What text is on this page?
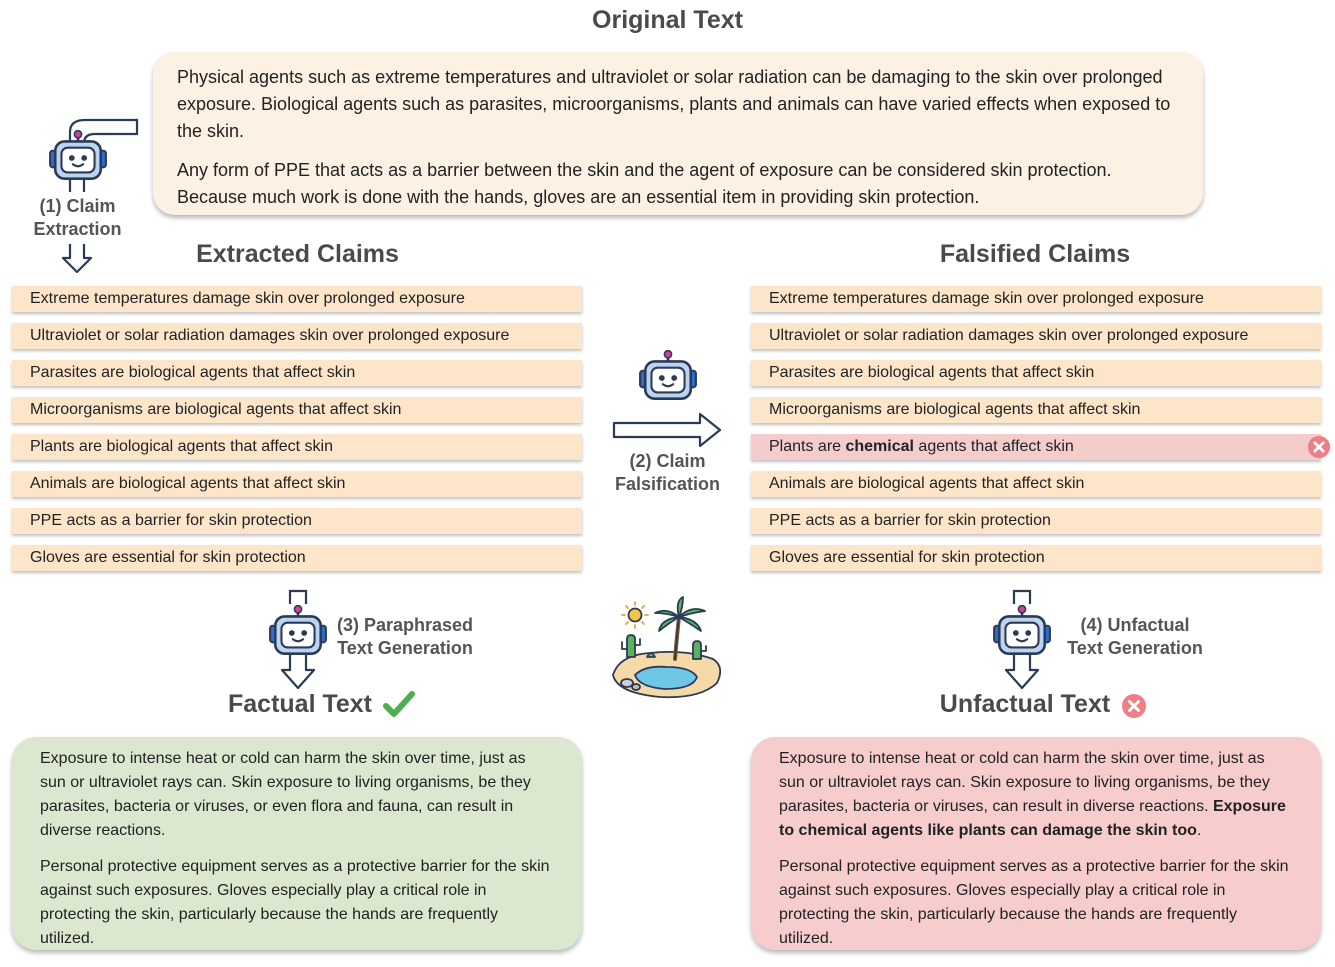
Original Text

Physical agents such as extreme temperatures and ultraviolet or solar radiation can be damaging to the skin over prolonged exposure. Biological agents such as parasites, microorganisms, plants and animals can have varied effects when exposed to the skin.

Any form of PPE that acts as a barrier between the skin and the agent of exposure can be considered skin protection. Because much work is done with the hands, gloves are an essential item in providing skin protection.

(1) Claim
Extraction
Extracted Claims	Falsified Claims
Extreme temperatures damage skin over prolonged exposure
Ultraviolet or solar radiation damages skin over prolonged exposure
Parasites are biological agents that affect skin
Microorganisms are biological agents that affect skin
Plants are biological agents that affect skin
Animals are biological agents that affect skin
PPE acts as a barrier for skin protection
Gloves are essential for skin protection
(2) Claim
Falsification
Extreme temperatures damage skin over prolonged exposure
Ultraviolet or solar radiation damages skin over prolonged exposure
Parasites are biological agents that affect skin
Microorganisms are biological agents that affect skin
Plants are chemical agents that affect skin
Animals are biological agents that affect skin
PPE acts as a barrier for skin protection
Gloves are essential for skin protection
(3) Paraphrased
Text Generation
(4) Unfactual
Text Generation
Factual Text	Unfactual Text

Exposure to intense heat or cold can harm the skin over time, just as sun or ultraviolet rays can. Skin exposure to living organisms, be they parasites, bacteria or viruses, or even flora and fauna, can result in diverse reactions.

Personal protective equipment serves as a protective barrier for the skin against such exposures. Gloves especially play a critical role in protecting the skin, particularly because the hands are frequently utilized.

Exposure to intense heat or cold can harm the skin over time, just as sun or ultraviolet rays can. Skin exposure to living organisms, be they parasites, bacteria or viruses, can result in diverse reactions. Exposure to chemical agents like plants can damage the skin too.

Personal protective equipment serves as a protective barrier for the skin against such exposures. Gloves especially play a critical role in protecting the skin, particularly because the hands are frequently utilized.
